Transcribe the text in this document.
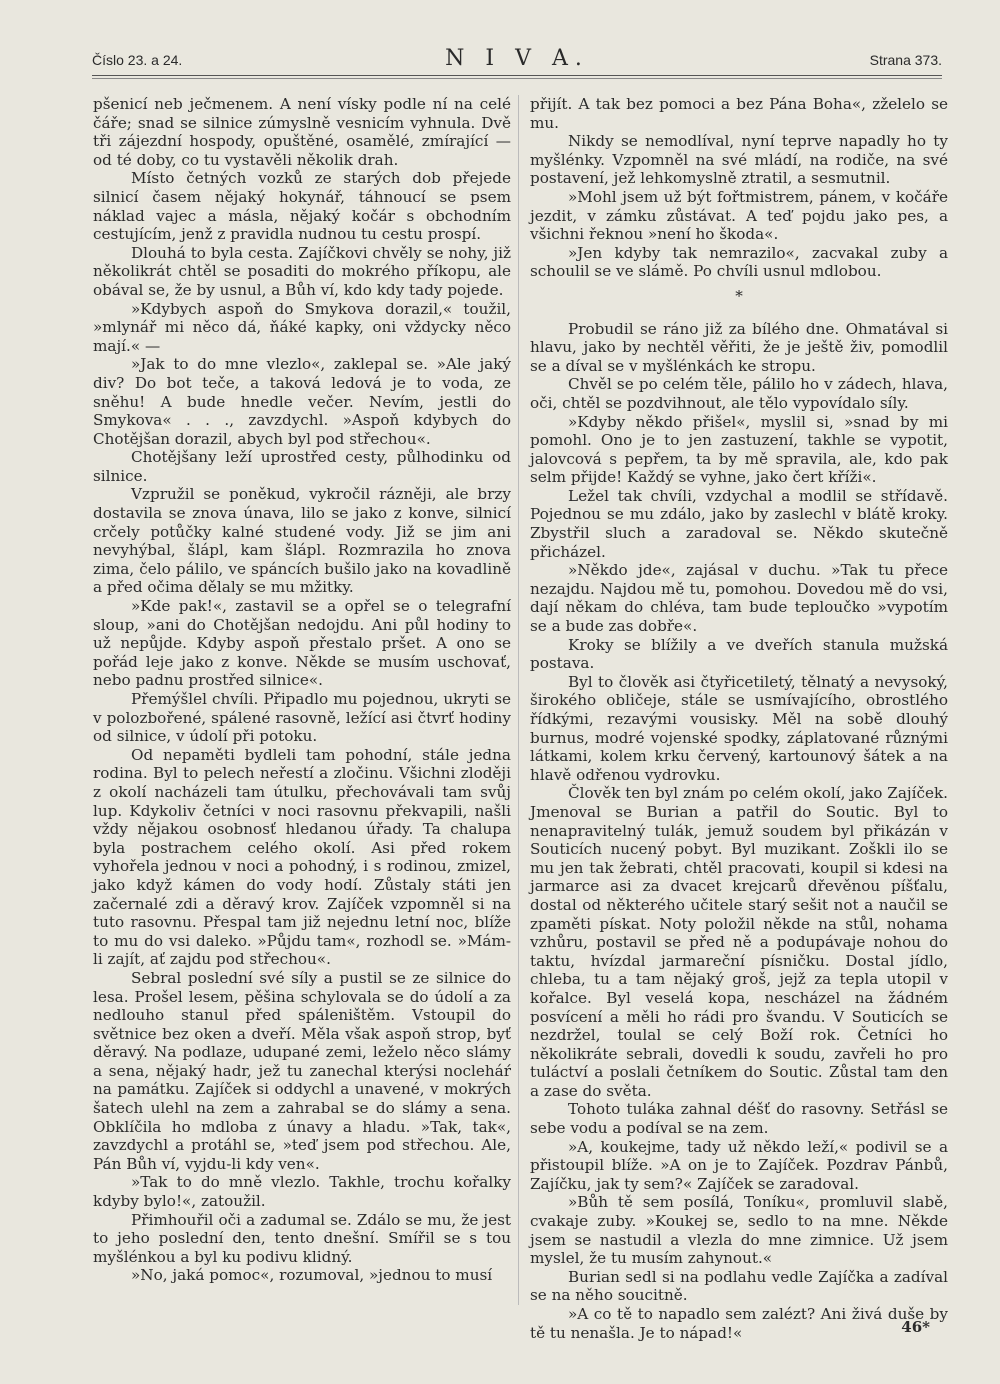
Číslo 23. a 24.	N I V A.	Strana 373.

pšenicí neb ječmenem. A není vísky podle ní na celé čáře; snad se silnice zúmyslně vesnicím vyhnula. Dvě tři zájezdní hospody, opuštěné, osamělé, zmírající — od té doby, co tu vystavěli několik drah.

Místo četných vozků ze starých dob přejede silnicí časem nějaký hokynář, táhnoucí se psem náklad vajec a másla, nějaký kočár s obchodním cestujícím, jenž z pravidla nudnou tu cestu prospí.

Dlouhá to byla cesta. Zajíčkovi chvěly se nohy, již několikrát chtěl se posaditi do mokrého příkopu, ale obával se, že by usnul, a Bůh ví, kdo kdy tady pojede.

»Kdybych aspoň do Smykova dorazil,« toužil, »mlynář mi něco dá, ňáké kapky, oni vždycky něco mají.« —

»Jak to do mne vlezlo«, zaklepal se. »Ale jaký div? Do bot teče, a taková ledová je to voda, ze sněhu! A bude hnedle večer. Nevím, jestli do Smykova« . . ., zavzdychl. »Aspoň kdybych do Chotějšan dorazil, abych byl pod střechou«.

Chotějšany leží uprostřed cesty, půlhodinku od silnice.

Vzpružil se poněkud, vykročil rázněji, ale brzy dostavila se znova únava, lilo se jako z konve, silnicí crčely potůčky kalné studené vody. Již se jim ani nevyhýbal, šlápl, kam šlápl. Rozmrazila ho znova zima, čelo pálilo, ve spáncích bušilo jako na kovadlině a před očima dělaly se mu mžitky.

»Kde pak!«, zastavil se a opřel se o telegrafní sloup, »ani do Chotějšan nedojdu. Ani půl hodiny to už nepůjde. Kdyby aspoň přestalo pršet. A ono se pořád leje jako z konve. Někde se musím uschovať, nebo padnu prostřed silnice«.

Přemýšlel chvíli. Připadlo mu pojednou, ukryti se v polozbořené, spálené rasovně, ležící asi čtvrť hodiny od silnice, v údolí při potoku.

Od nepaměti bydleli tam pohodní, stále jedna rodina. Byl to pelech neřestí a zločinu. Všichni zloději z okolí nacházeli tam útulku, přechovávali tam svůj lup. Kdykoliv četníci v noci rasovnu překvapili, našli vždy nějakou osobnosť hledanou úřady. Ta chalupa byla postrachem celého okolí. Asi před rokem vyhořela jednou v noci a pohodný, i s rodinou, zmizel, jako když kámen do vody hodí. Zůstaly státi jen začernalé zdi a děravý krov. Zajíček vzpomněl si na tuto rasovnu. Přespal tam již nejednu letní noc, blíže to mu do vsi daleko. »Půjdu tam«, rozhodl se. »Mám-li zajít, ať zajdu pod střechou«.

Sebral poslední své síly a pustil se ze silnice do lesa. Prošel lesem, pěšina schylovala se do údolí a za nedlouho stanul před spáleništěm. Vstoupil do světnice bez oken a dveří. Měla však aspoň strop, byť děravý. Na podlaze, udupané zemi, leželo něco slámy a sena, nějaký hadr, jež tu zanechal kterýsi nocleháŕ na památku. Zajíček si oddychl a unavené, v mokrých šatech ulehl na zem a zahrabal se do slámy a sena. Obklíčila ho mdloba z únavy a hladu. »Tak, tak«, zavzdychl a protáhl se, »teď jsem pod střechou. Ale, Pán Bůh ví, vyjdu-li kdy ven«.

»Tak to do mně vlezlo. Takhle, trochu kořalky kdyby bylo!«, zatoužil.

Přimhouřil oči a zadumal se. Zdálo se mu, že jest to jeho poslední den, tento dnešní. Smířil se s tou myšlénkou a byl ku podivu klidný.

»No, jaká pomoc«, rozumoval, »jednou to musí

přijít. A tak bez pomoci a bez Pána Boha«, zželelo se mu.

Nikdy se nemodlíval, nyní teprve napadly ho ty myšlénky. Vzpomněl na své mládí, na rodiče, na své postavení, jež lehkomyslně ztratil, a sesmutnil.

»Mohl jsem už být fořtmistrem, pánem, v kočáře jezdit, v zámku zůstávat. A teď pojdu jako pes, a všichni řeknou »není ho škoda«.

»Jen kdyby tak nemrazilo«, zacvakal zuby a schoulil se ve slámě. Po chvíli usnul mdlobou.

*

Probudil se ráno již za bílého dne. Ohmatával si hlavu, jako by nechtěl věřiti, že je ještě živ, pomodlil se a díval se v myšlénkách ke stropu.

Chvěl se po celém těle, pálilo ho v zádech, hlava, oči, chtěl se pozdvihnout, ale tělo vypovídalo síly.

»Kdyby někdo přišel«, myslil si, »snad by mi pomohl. Ono je to jen zastuzení, takhle se vypotit, jalovcová s pepřem, ta by mě spravila, ale, kdo pak selm přijde! Každý se vyhne, jako čert kříži«.

Ležel tak chvíli, vzdychal a modlil se střídavě. Pojednou se mu zdálo, jako by zaslechl v blátě kroky. Zbystřil sluch a zaradoval se. Někdo skutečně přicházel.

»Někdo jde«, zajásal v duchu. »Tak tu přece nezajdu. Najdou mě tu, pomohou. Dovedou mě do vsi, dají někam do chléva, tam bude teploučko »vypotím se a bude zas dobře«.

Kroky se blížily a ve dveřích stanula mužská postava.

Byl to člověk asi čtyřicetiletý, tělnatý a nevysoký, širokého obličeje, stále se usmívajícího, obrostlého řídkými, rezavými vousisky. Měl na sobě dlouhý burnus, modré vojenské spodky, záplatované různými látkami, kolem krku červený, kartounový šátek a na hlavě odřenou vydrovku.

Člověk ten byl znám po celém okolí, jako Zajíček. Jmenoval se Burian a patřil do Soutic. Byl to nenapravitelný tulák, jemuž soudem byl přikázán v Souticích nucený pobyt. Byl muzikant. Zoškli ilo se mu jen tak žebrati, chtěl pracovati, koupil si kdesi na jarmarce asi za dvacet krejcarů dřevěnou píšťalu, dostal od některého učitele starý sešit not a naučil se zpaměti pískat. Noty položil někde na stůl, nohama vzhůru, postavil se před ně a podupávaje nohou do taktu, hvízdal jarmareční písničku. Dostal jídlo, chleba, tu a tam nějaký groš, jejž za tepla utopil v kořalce. Byl veselá kopa, nescházel na žádném posvícení a měli ho rádi pro švandu. V Souticích se nezdržel, toulal se celý Boží rok. Četníci ho několikráte sebrali, dovedli k soudu, zavřeli ho pro tuláctví a poslali četníkem do Soutic. Zůstal tam den a zase do světa.

Tohoto tuláka zahnal déšť do rasovny. Setřásl se sebe vodu a podíval se na zem.

»A, koukejme, tady už někdo leží,« podivil se a přistoupil blíže. »A on je to Zajíček. Pozdrav Pánbů, Zajíčku, jak ty sem?« Zajíček se zaradoval.

»Bůh tě sem posílá, Toníku«, promluvil slabě, cvakaje zuby. »Koukej se, sedlo to na mne. Někde jsem se nastudil a vlezla do mne zimnice. Už jsem myslel, že tu musím zahynout.«

Burian sedl si na podlahu vedle Zajíčka a zadíval se na něho soucitně.

»A co tě to napadlo sem zalézt? Ani živá duše by tě tu nenašla. Je to nápad!«	46*
